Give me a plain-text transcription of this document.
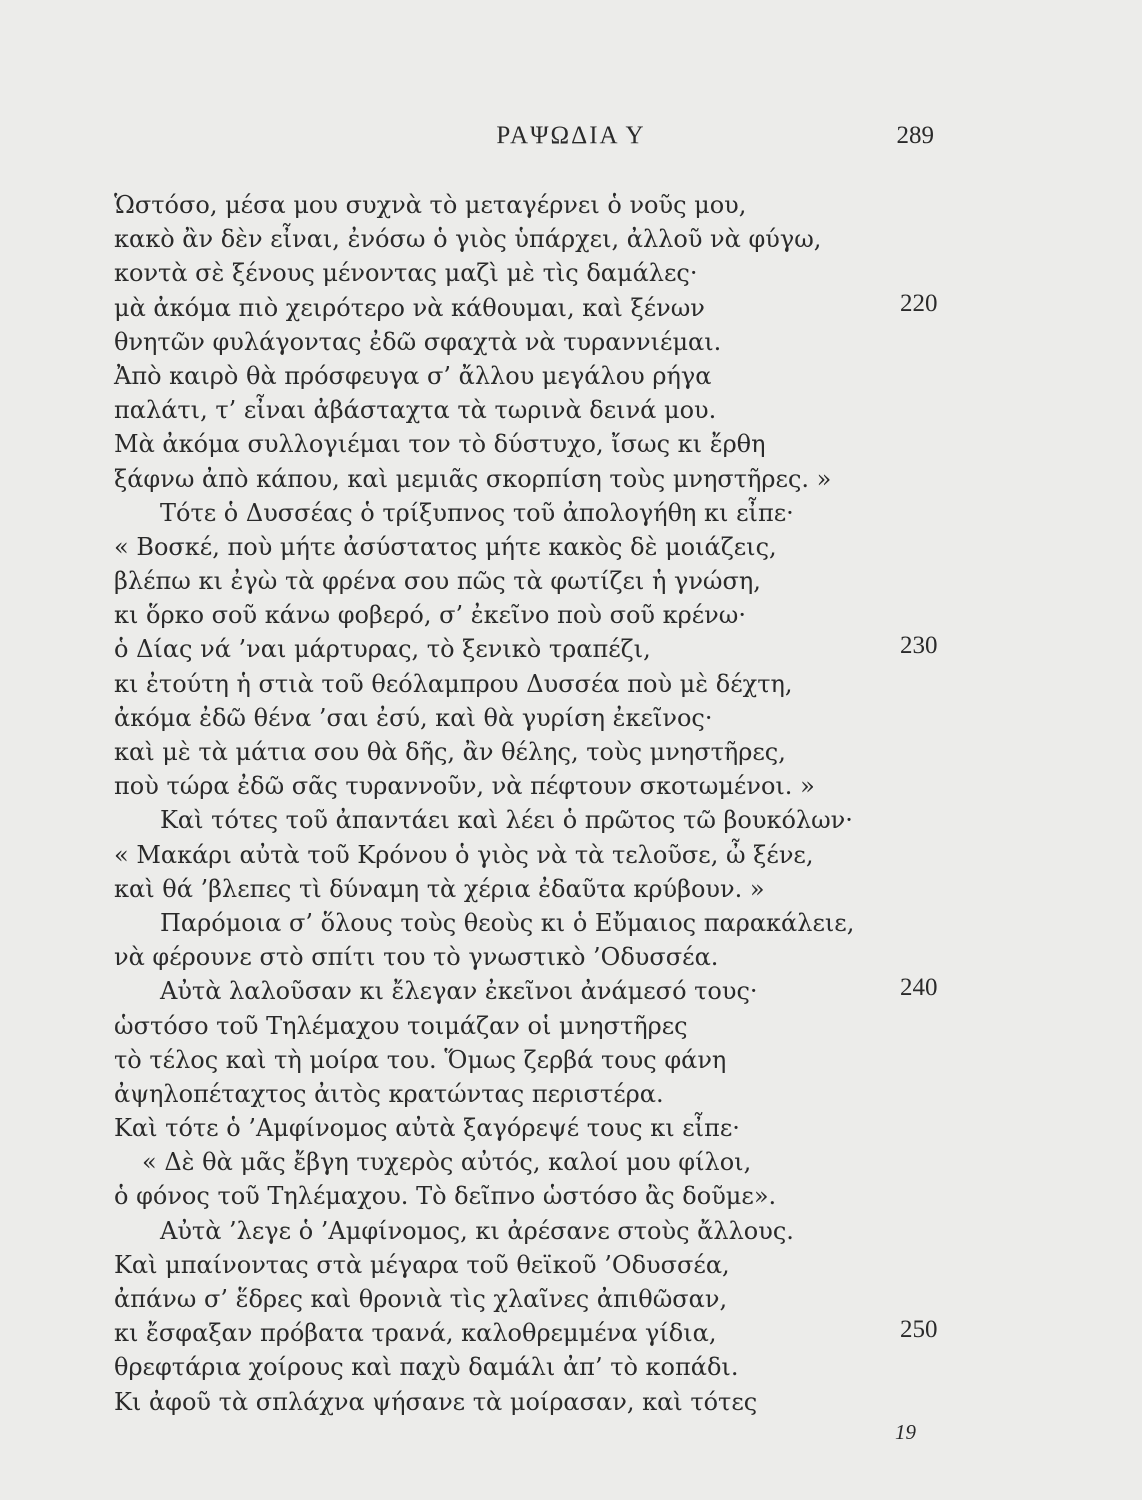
ΡΑΨΩΔΙΑ Υ	289
Ὡστόσο, μέσα μου συχνὰ τὸ μεταγέρνει ὁ νοῦς μου,
κακὸ ἂν δὲν εἶναι, ἐνόσω ὁ γιὸς ὑπάρχει, ἀλλοῦ νὰ φύγω,
κοντὰ σὲ ξένους μένοντας μαζὶ μὲ τὶς δαμάλες·
μὰ ἀκόμα πιὸ χειρότερο νὰ κάθουμαι, καὶ ξένων
θνητῶν φυλάγοντας ἐδῶ σφαχτὰ νὰ τυραννιέμαι.
Ἀπὸ καιρὸ θὰ πρόσφευγα σ’ ἄλλου μεγάλου ρήγα
παλάτι, τ’ εἶναι ἀβάσταχτα τὰ τωρινὰ δεινά μου.
Μὰ ἀκόμα συλλογιέμαι τον τὸ δύστυχο, ἴσως κι ἔρθη
ξάφνω ἀπὸ κάπου, καὶ μεμιᾶς σκορπίση τοὺς μνηστῆρες. »
Τότε ὁ Δυσσέας ὁ τρίξυπνος τοῦ ἀπολογήθη κι εἶπε·
« Βοσκέ, ποὺ μήτε ἀσύστατος μήτε κακὸς δὲ μοιάζεις,
βλέπω κι ἐγὼ τὰ φρένα σου πῶς τὰ φωτίζει ἡ γνώση,
κι ὅρκο σοῦ κάνω φοβερό, σ’ ἐκεῖνο ποὺ σοῦ κρένω·
ὁ Δίας νά ’ναι μάρτυρας, τὸ ξενικὸ τραπέζι,
κι ἐτούτη ἡ στιὰ τοῦ θεόλαμπρου Δυσσέα ποὺ μὲ δέχτη,
ἀκόμα ἐδῶ θένα ’σαι ἐσύ, καὶ θὰ γυρίση ἐκεῖνος·
καὶ μὲ τὰ μάτια σου θὰ δῆς, ἂν θέλης, τοὺς μνηστῆρες,
ποὺ τώρα ἐδῶ σᾶς τυραννοῦν, νὰ πέφτουν σκοτωμένοι. »
Καὶ τότες τοῦ ἀπαντάει καὶ λέει ὁ πρῶτος τῶ βουκόλων·
« Μακάρι αὐτὰ τοῦ Κρόνου ὁ γιὸς νὰ τὰ τελοῦσε, ὦ ξένε,
καὶ θά ’βλεπες τὶ δύναμη τὰ χέρια ἐδαῦτα κρύβουν. »
Παρόμοια σ’ ὅλους τοὺς θεοὺς κι ὁ Εὔμαιος παρακάλειε,
νὰ φέρουνε στὸ σπίτι του τὸ γνωστικὸ ’Οδυσσέα.
Αὐτὰ λαλοῦσαν κι ἔλεγαν ἐκεῖνοι ἀνάμεσό τους·
ὡστόσο τοῦ Τηλέμαχου τοιμάζαν οἱ μνηστῆρες
τὸ τέλος καὶ τὴ μοίρα του. Ὅμως ζερβά τους φάνη
ἀψηλοπέταχτος ἀιτὸς κρατώντας περιστέρα.
Καὶ τότε ὁ ’Αμφίνομος αὐτὰ ξαγόρεψέ τους κι εἶπε·
« Δὲ θὰ μᾶς ἔβγη τυχερὸς αὐτός, καλοί μου φίλοι,
ὁ φόνος τοῦ Τηλέμαχου. Τὸ δεῖπνο ὡστόσο ἂς δοῦμε».
Αὐτὰ ’λεγε ὁ ’Αμφίνομος, κι ἀρέσανε στοὺς ἄλλους.
Καὶ μπαίνοντας στὰ μέγαρα τοῦ θεϊκοῦ ’Οδυσσέα,
ἀπάνω σ’ ἕδρες καὶ θρονιὰ τὶς χλαῖνες ἀπιθῶσαν,
κι ἔσφαξαν πρόβατα τρανά, καλοθρεμμένα γίδια,
θρεφτάρια χοίρους καὶ παχὺ δαμάλι ἀπ’ τὸ κοπάδι.
Κι ἀφοῦ τὰ σπλάχνα ψήσανε τὰ μοίρασαν, καὶ τότες
220
230
240
250
19
